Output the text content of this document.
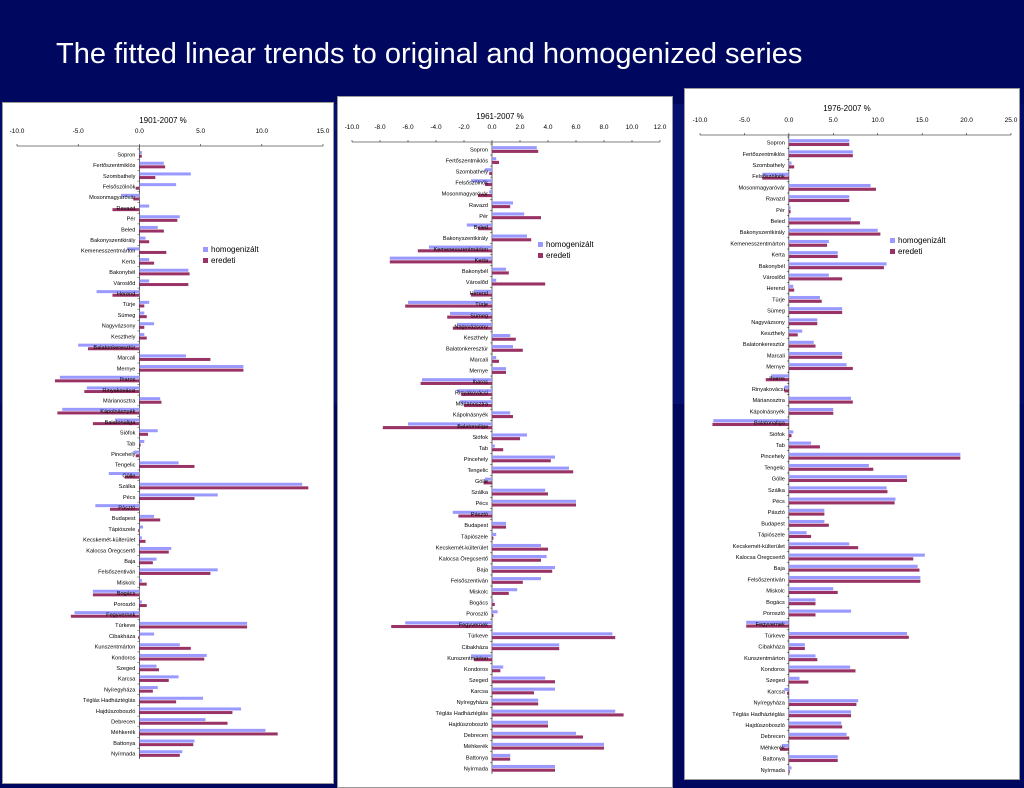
The fitted linear trends to original and homogenized series
1901-2007 %
-10.0	-5.0	0.0	5.0	10.0	15.0
Sopron
Fertőszentmiklós
Szombathely
Felsőszölnök
Mosonmagyaróvár
Ravazd
Pér
Beled
Bakonyszentkirály
Kemenesszentmárton
Kerta
Bakonybél
Városlőd
Herend
Türje
Sümeg
Nagyvázsony
Keszthely
Balatonkeresztúr
Marcali
Mernye
Iharos
Rinyakovácsi
Márianosztra
Kápolnásnyék
Balatonaliga
Siófok
Tab
Pincehely
Tengelic
Gölle
Szálka
Pécs
Pásztó
Budapest
Tápiószele
Kecskemét-külterület
Kalocsa Öregcsertő
Baja
Felsőszentiván
Miskolc
Bogács
Poroszló
Fegyvernek
Túrkeve
Cibakháza
Kunszentmárton
Kondoros
Szeged
Karcsa
Nyíregyháza
Téglás Hadháztéglás
Hajdúszoboszló
Debrecen
Méhkerék
Battonya
Nyírmada
homogenizált
eredeti
1961-2007 %
-10.0 -8.0	-6.0	-4.0	-2.0	0.0	2.0	4.0	6.0	8.0	10.0 12.0
Sopron
Fertőszentmiklós
Szombathely
Felsőszölnök
Mosonmagyaróvár
Ravazd
Pér
Beled
Bakonyszentkirály
Kemenesszentmárton
Kerta
Bakonybél
Városlőd
Herend
Türje
Sümeg
Nagyvázsony
Keszthely
Balatonkeresztúr
Marcali
Mernye
Iharos
Rinyakovácsi
Márianosztra
Kápolnásnyék
Balatonaliga
Siófok
Tab
Pincehely
Tengelic
Gölle
Szálka
Pécs
Pásztó
Budapest
Tápiószele
Kecskemét-külterület
Kalocsa Öregcsertő
Baja
Felsőszentiván
Miskolc
Bogács
Poroszló
Fegyvernek
Túrkeve
Cibakháza
Kunszentmárton
Kondoros
Szeged
Karcsa
Nyíregyháza
Téglás Hadháztéglás
Hajdúszoboszló
Debrecen
Méhkerék
Battonya
Nyírmada
homogenizált
eredeti
1976-2007 %
-10.0	-5.0	0.0	5.0	10.0	15.0	20.0	25.0
Sopron
Fertőszentmiklós
Szombathely
Felsőszölnök
Mosonmagyaróvár
Ravazd
Pér
Beled
Bakonyszentkirály
Kemenesszentmárton
Kerta
Bakonybél
Városlőd
Herend
Türje
Sümeg
Nagyvázsony
Keszthely
Balatonkeresztúr
Marcali
Mernye
Iharos
Rinyakovácsi
Márianosztra
Kápolnásnyék
Balatonaliga
Siófok
Tab
Pincehely
Tengelic
Gölle
Szálka
Pécs
Pásztó
Budapest
Tápiószele
Kecskemét-külterület
Kalocsa Öregcsertő
Baja
Felsőszentiván
Miskolc
Bogács
Poroszló
Fegyvernek
Túrkeve
Cibakháza
Kunszentmárton
Kondoros
Szeged
Karcsa
Nyíregyháza
Téglás Hadháztéglás
Hajdúszoboszló
Debrecen
Méhkerék
Battonya
Nyírmada
homogenizált
eredeti
